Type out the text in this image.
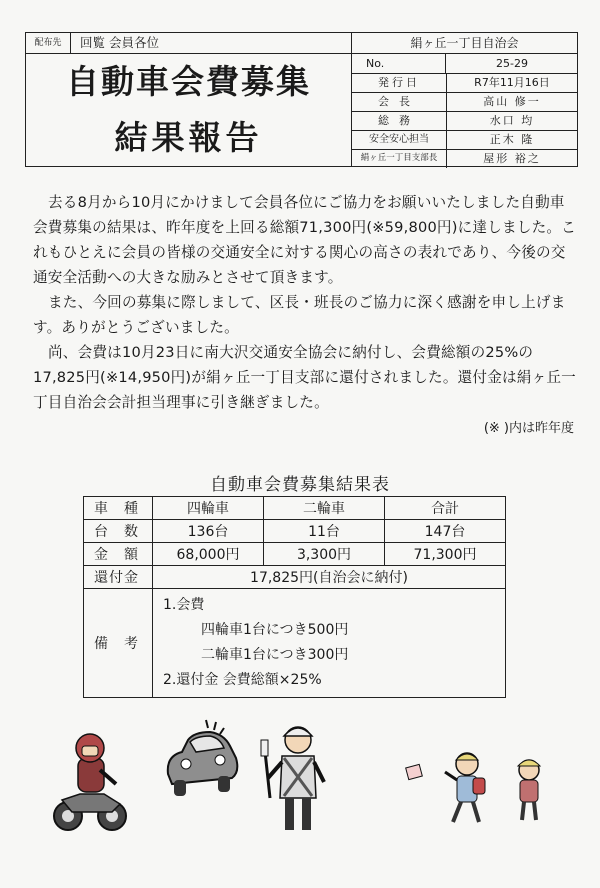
配布先	回覧 会員各位
自動車会費募集
結果報告
絹ヶ丘一丁目自治会
No.	25-29
発行日	R7年11月16日
会長	高山 修一
総務	水口 均
安全安心担当	正木 隆
絹ヶ丘一丁目支部長	屋形 裕之
去る8月から10月にかけまして会員各位にご協力をお願いいたしました自動車会費募集の結果は、昨年度を上回る総額71,300円(※59,800円)に達しました。これもひとえに会員の皆様の交通安全に対する関心の高さの表れであり、今後の交通安全活動への大きな励みとさせて頂きます。
また、今回の募集に際しまして、区長・班長のご協力に深く感謝を申し上げます。ありがとうございました。
尚、会費は10月23日に南大沢交通安全協会に納付し、会費総額の25%の17,825円(※14,950円)が絹ヶ丘一丁目支部に還付されました。還付金は絹ヶ丘一丁目自治会会計担当理事に引き継ぎました。
(※ )内は昨年度
自動車会費募集結果表
車 種	四輪車	二輪車	合計
台 数	136台	11台	147台
金 額	68,000円	3,300円	71,300円
還付金	17,825円(自治会に納付)		
備 考	1.会費
四輪車1台につき500円
二輪車1台につき300円
2.還付金 会費総額×25%		
